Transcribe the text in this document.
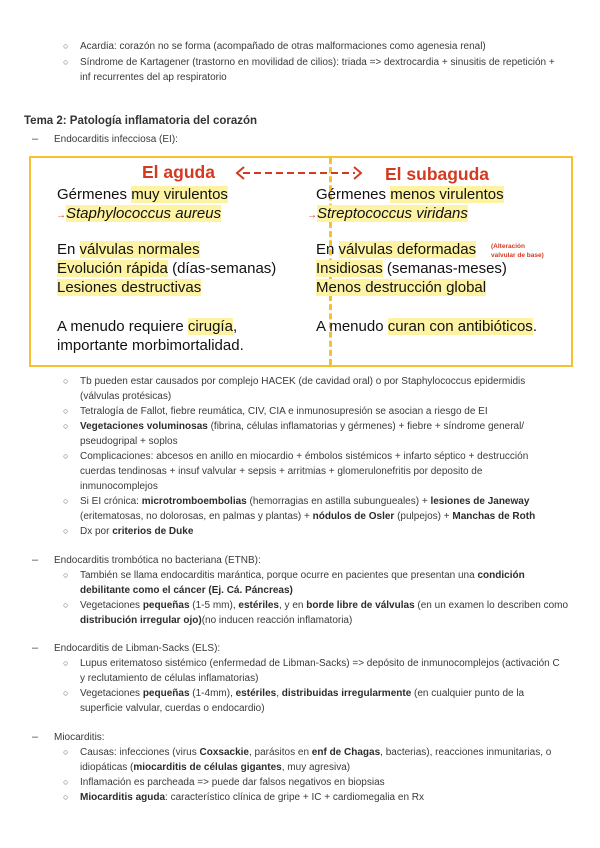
○ Acardia: corazón no se forma (acompañado de otras malformaciones como agenesia renal)
○ Síndrome de Kartagener (trastorno en movilidad de cilios): triada => dextrocardia + sinusitis de repetición +
inf recurrentes del ap respiratorio
Tema 2: Patología inflamatoria del corazón
– Endocarditis infecciosa (EI):
El aguda	El subaguda
Gérmenes muy virulentos
→Staphylococcus aureus
En válvulas normales
Evolución rápida (días-semanas)
Lesiones destructivas
A menudo requiere cirugía,
importante morbimortalidad.
Gérmenes menos virulentos
→Streptococcus viridans
En válvulas deformadas (Alteración
valvular de base)
Insidiosas (semanas-meses)
Menos destrucción global
A menudo curan con antibióticos.
○ Tb pueden estar causados por complejo HACEK (de cavidad oral) o por Staphylococcus epidermidis
(válvulas protésicas)
○ Tetralogía de Fallot, fiebre reumática, CIV, CIA e inmunosupresión se asocian a riesgo de EI
○ Vegetaciones voluminosas (fibrina, células inflamatorias y gérmenes) + fiebre + síndrome general/
pseudogripal + soplos
○ Complicaciones: abcesos en anillo en miocardio + émbolos sistémicos + infarto séptico + destrucción
cuerdas tendinosas + insuf valvular + sepsis + arritmias + glomerulonefritis por deposito de
inmunocomplejos
○ Si EI crónica: microtromboembolias (hemorragias en astilla subungueales) + lesiones de Janeway
(eritematosas, no dolorosas, en palmas y plantas) + nódulos de Osler (pulpejos) + Manchas de Roth
○ Dx por criterios de Duke
– Endocarditis trombótica no bacteriana (ETNB):
○ También se llama endocarditis marántica, porque ocurre en pacientes que presentan una condición
debilitante como el cáncer (Ej. Cá. Páncreas)
○ Vegetaciones pequeñas (1-5 mm), estériles, y en borde libre de válvulas (en un examen lo describen como
distribución irregular ojo)(no inducen reacción inflamatoria)
– Endocarditis de Libman-Sacks (ELS):
○ Lupus eritematoso sistémico (enfermedad de Libman-Sacks) => depósito de inmunocomplejos (activación C
y reclutamiento de células inflamatorias)
○ Vegetaciones pequeñas (1-4mm), estériles, distribuidas irregularmente (en cualquier punto de la
superficie valvular, cuerdas o endocardio)
– Miocarditis:
○ Causas: infecciones (virus Coxsackie, parásitos en enf de Chagas, bacterias), reacciones inmunitarias, o
idiopáticas (miocarditis de células gigantes, muy agresiva)
○ Inflamación es parcheada => puede dar falsos negativos en biopsias
○ Miocarditis aguda: característico clínica de gripe + IC + cardiomegalia en Rx
